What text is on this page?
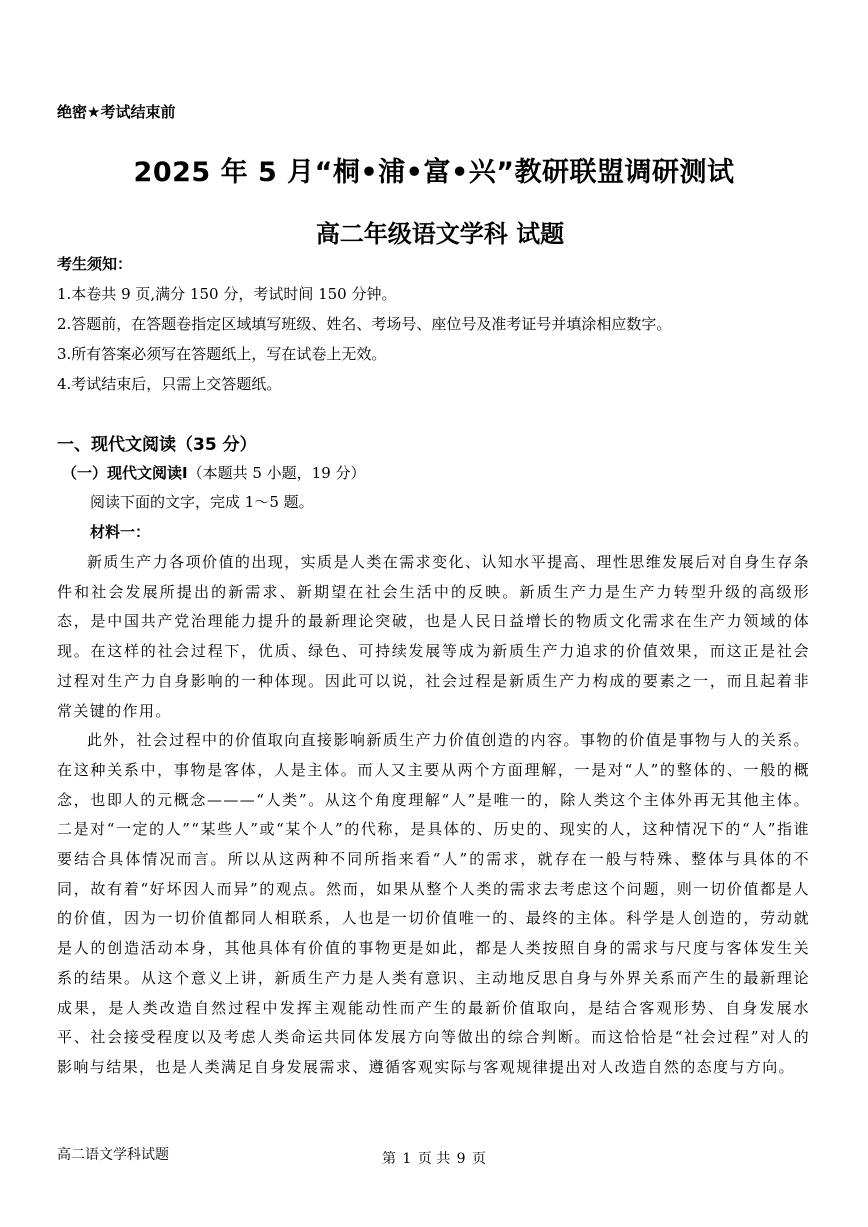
绝密★考试结束前
2025 年 5 月“桐•浦•富•兴”教研联盟调研测试
高二年级语文学科 试题
考生须知：
1.本卷共 9 页,满分 150 分，考试时间 150 分钟。
2.答题前，在答题卷指定区域填写班级、姓名、考场号、座位号及准考证号并填涂相应数字。
3.所有答案必须写在答题纸上，写在试卷上无效。
4.考试结束后，只需上交答题纸。
一、现代文阅读（35 分）
（一）现代文阅读Ⅰ（本题共 5 小题，19 分）
阅读下面的文字，完成 1～5 题。
材料一：

新质生产力各项价值的出现，实质是人类在需求变化、认知水平提高、理性思维发展后对自身生存条件和社会发展所提出的新需求、新期望在社会生活中的反映。新质生产力是生产力转型升级的高级形态，是中国共产党治理能力提升的最新理论突破，也是人民日益增长的物质文化需求在生产力领域的体现。在这样的社会过程下，优质、绿色、可持续发展等成为新质生产力追求的价值效果，而这正是社会过程对生产力自身影响的一种体现。因此可以说，社会过程是新质生产力构成的要素之一，而且起着非常关键的作用。

此外，社会过程中的价值取向直接影响新质生产力价值创造的内容。事物的价值是事物与人的关系。在这种关系中，事物是客体，人是主体。而人又主要从两个方面理解，一是对“人”的整体的、一般的概念，也即人的元概念———“人类”。从这个角度理解“人”是唯一的，除人类这个主体外再无其他主体。二是对“一定的人”“某些人”或“某个人”的代称，是具体的、历史的、现实的人，这种情况下的“人”指谁要结合具体情况而言。所以从这两种不同所指来看“人”的需求，就存在一般与特殊、整体与具体的不同，故有着“好坏因人而异”的观点。然而，如果从整个人类的需求去考虑这个问题，则一切价值都是人的价值，因为一切价值都同人相联系，人也是一切价值唯一的、最终的主体。科学是人创造的，劳动就是人的创造活动本身，其他具体有价值的事物更是如此，都是人类按照自身的需求与尺度与客体发生关系的结果。从这个意义上讲，新质生产力是人类有意识、主动地反思自身与外界关系而产生的最新理论成果，是人类改造自然过程中发挥主观能动性而产生的最新价值取向，是结合客观形势、自身发展水平、社会接受程度以及考虑人类命运共同体发展方向等做出的综合判断。而这恰恰是“社会过程”对人的影响与结果，也是人类满足自身发展需求、遵循客观实际与客观规律提出对人改造自然的态度与方向。

高二语文学科试题	第 1 页 共 9 页
